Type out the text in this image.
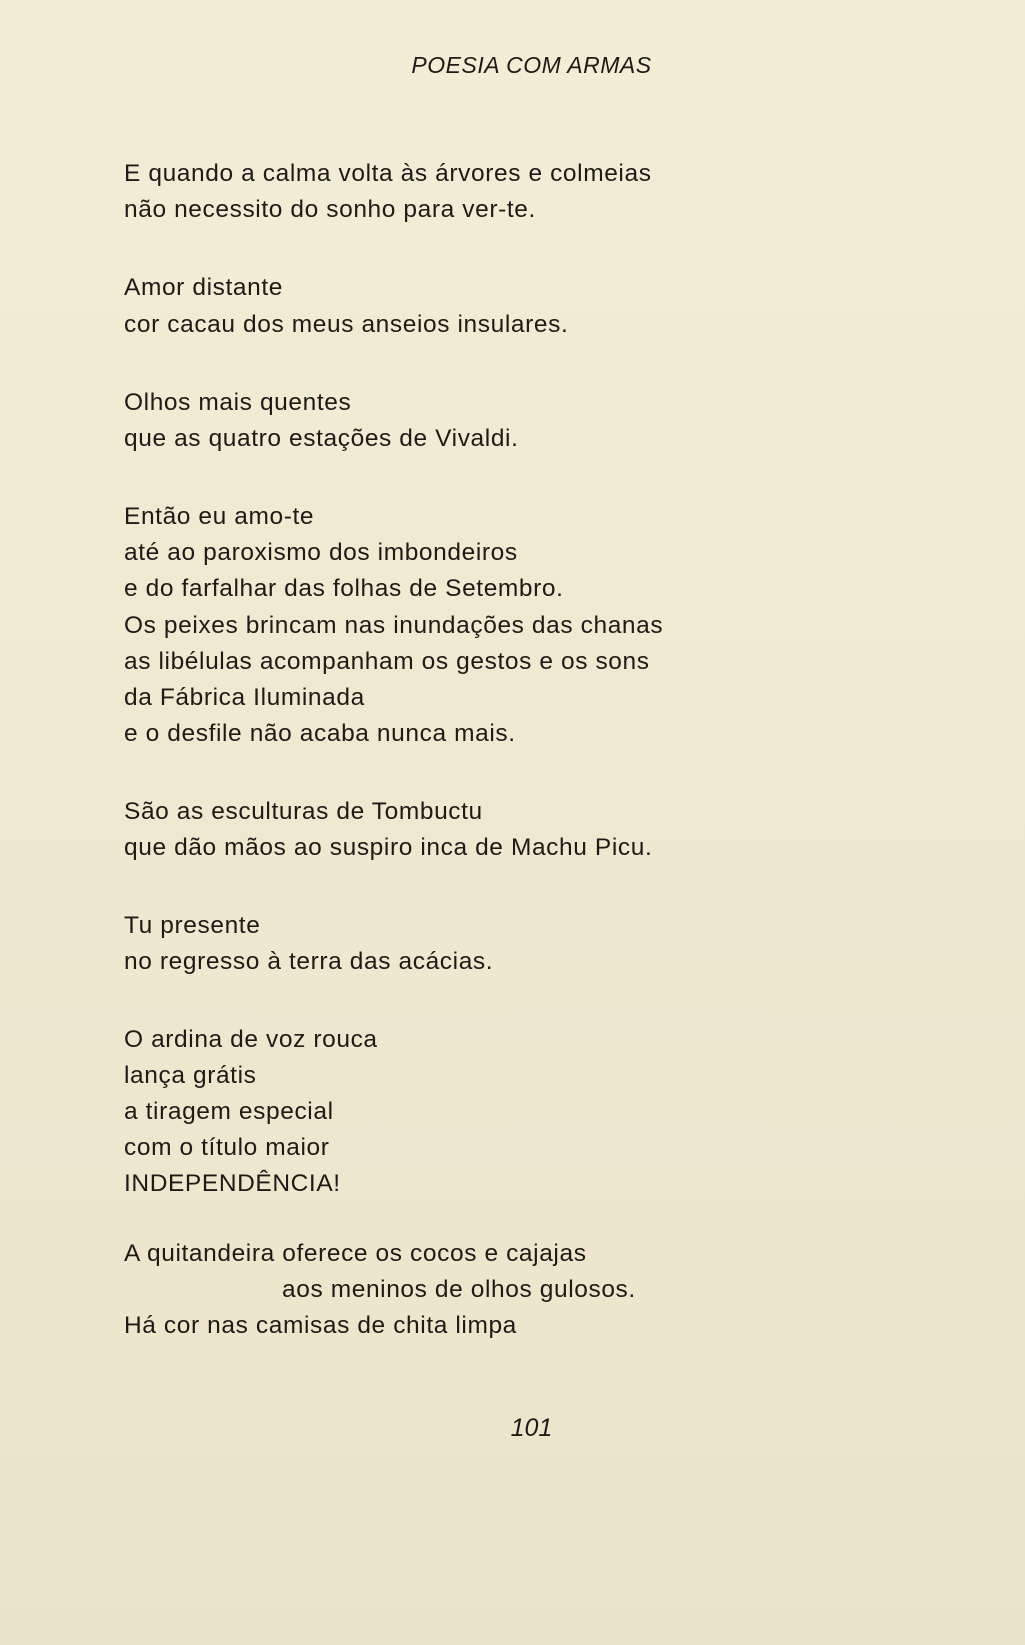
POESIA COM ARMAS
E quando a calma volta às árvores e colmeias
não necessito do sonho para ver-te.
Amor distante
cor cacau dos meus anseios insulares.
Olhos mais quentes
que as quatro estações de Vivaldi.
Então eu amo-te
até ao paroxismo dos imbondeiros
e do farfalhar das folhas de Setembro.
Os peixes brincam nas inundações das chanas
as libélulas acompanham os gestos e os sons
da Fábrica Iluminada
e o desfile não acaba nunca mais.
São as esculturas de Tombuctu
que dão mãos ao suspiro inca de Machu Picu.
Tu presente
no regresso à terra das acácias.
O ardina de voz rouca
lança grátis
a tiragem especial
com o título maior
INDEPENDÊNCIA!
A quitandeira oferece os cocos e cajajas
aos meninos de olhos gulosos.
Há cor nas camisas de chita limpa
101
